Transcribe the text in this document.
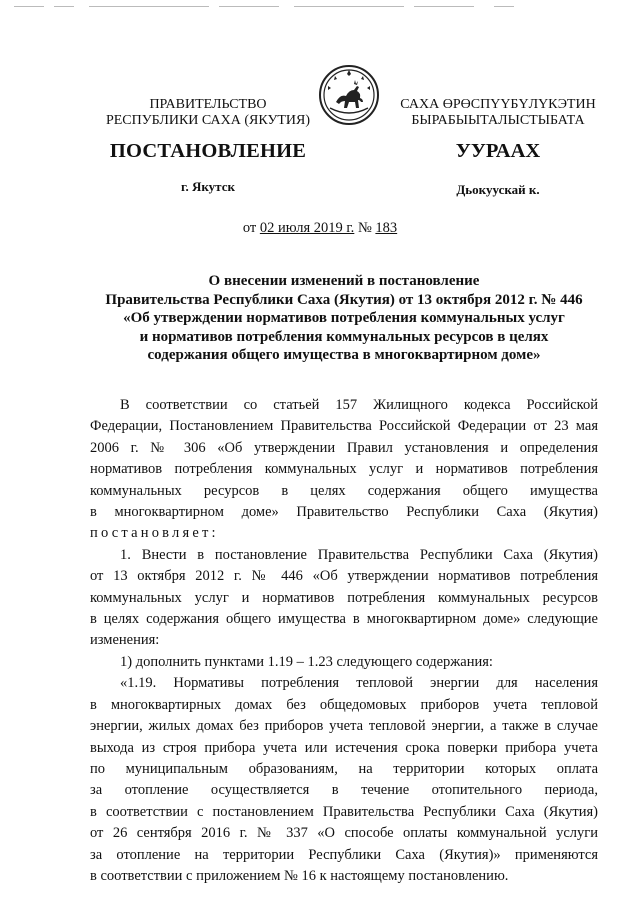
ПРАВИТЕЛЬСТВО
РЕСПУБЛИКИ САХА (ЯКУТИЯ)
САХА ӨРӨСПҮҮБҮЛҮКЭТИН
БЫРАБЫЫТАЛЫСТЫБАТА
ПОСТАНОВЛЕНИЕ	УУРААХ
г. Якутск	Дьокуускай к.
от 02 июля 2019 г. № 183
О внесении изменений в постановление
Правительства Республики Саха (Якутия) от 13 октября 2012 г. № 446
«Об утверждении нормативов потребления коммунальных услуг
и нормативов потребления коммунальных ресурсов в целях
содержания общего имущества в многоквартирном доме»
В соответствии со статьей 157 Жилищного кодекса Российской
Федерации, Постановлением Правительства Российской Федерации от 23 мая
2006 г. № 306 «Об утверждении Правил установления и определения
нормативов потребления коммунальных услуг и нормативов потребления
коммунальных ресурсов в целях содержания общего имущества
в многоквартирном доме» Правительство Республики Саха (Якутия)
постановляет:
1. Внести в постановление Правительства Республики Саха (Якутия)
от 13 октября 2012 г. № 446 «Об утверждении нормативов потребления
коммунальных услуг и нормативов потребления коммунальных ресурсов
в целях содержания общего имущества в многоквартирном доме» следующие
изменения:
1) дополнить пунктами 1.19 – 1.23 следующего содержания:
«1.19. Нормативы потребления тепловой энергии для населения
в многоквартирных домах без общедомовых приборов учета тепловой
энергии, жилых домах без приборов учета тепловой энергии, а также в случае
выхода из строя прибора учета или истечения срока поверки прибора учета
по муниципальным образованиям, на территории которых оплата
за отопление осуществляется в течение отопительного периода,
в соответствии с постановлением Правительства Республики Саха (Якутия)
от 26 сентября 2016 г. № 337 «О способе оплаты коммунальной услуги
за отопление на территории Республики Саха (Якутия)» применяются
в соответствии с приложением № 16 к настоящему постановлению.
